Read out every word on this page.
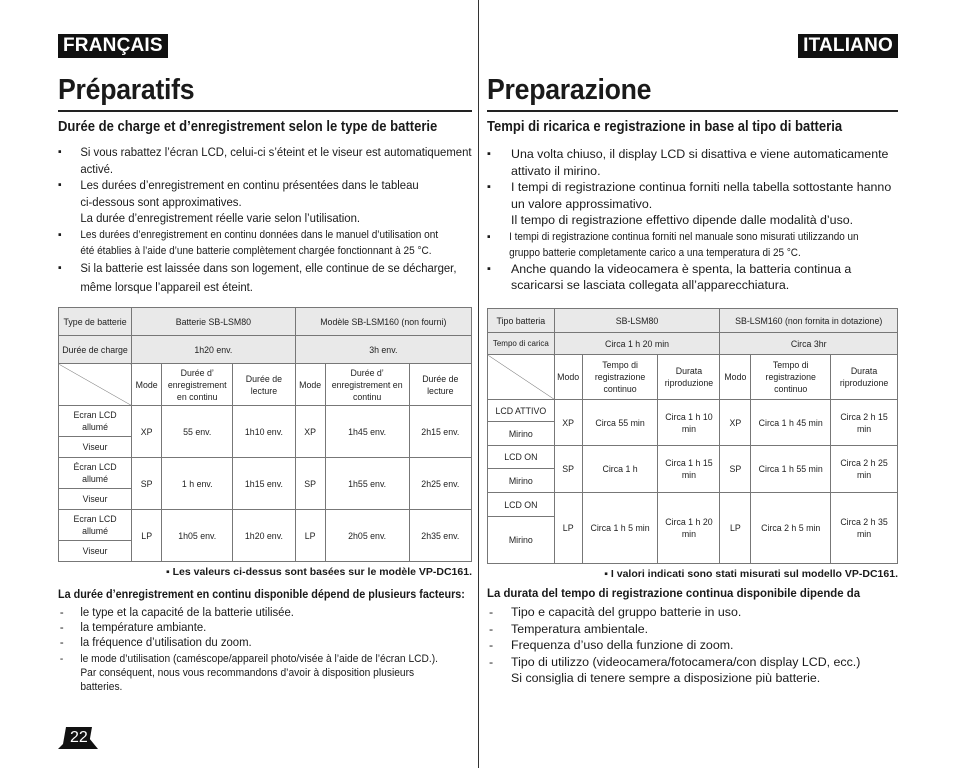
FRANÇAIS
Préparatifs
Durée de charge et d’enregistrement selon le type de batterie
▪ Si vous rabattez l’écran LCD, celui-ci s’éteint et le viseur est automatiquement
activé.
▪ Les durées d’enregistrement en continu présentées dans le tableau
ci-dessous sont approximatives.
La durée d’enregistrement réelle varie selon l’utilisation.
▪ Les durées d’enregistrement en continu données dans le manuel d’utilisation ont
été établies à l’aide d’une batterie complètement chargée fonctionnant à 25 °C.
▪ Si la batterie est laissée dans son logement, elle continue de se décharger,
même lorsque l’appareil est éteint.
Type de batterie	Batterie SB-LSM80			Modèle SB-LSM160 (non fourni)		
Durée de charge	1h20 env.			3h env.		
	Mode	Durée d’ enregistrement en continu	Durée de lecture	Mode	Durée d’ enregistrement en continu	Durée de lecture
Ecran LCD allumé	XP	55 env.	1h10 env.	XP	1h45 env.	2h15 env.
Viseur						
Écran LCD allumé	SP	1 h env.	1h15 env.	SP	1h55 env.	2h25 env.
Viseur						
Ecran LCD allumé	LP	1h05 env.	1h20 env.	LP	2h05 env.	2h35 env.
Viseur						
▪ Les valeurs ci-dessus sont basées sur le modèle VP-DC161.
La durée d’enregistrement en continu disponible dépend de plusieurs facteurs:
- le type et la capacité de la batterie utilisée.
- la température ambiante.
- la fréquence d’utilisation du zoom.
- le mode d’utilisation (caméscope/appareil photo/visée à l’aide de l’écran LCD.).
Par conséquent, nous vous recommandons d’avoir à disposition plusieurs
batteries.
ITALIANO
Preparazione
Tempi di ricarica e registrazione in base al tipo di batteria
▪ Una volta chiuso, il display LCD si disattiva e viene automaticamente
attivato il mirino.
▪ I tempi di registrazione continua forniti nella tabella sottostante hanno
un valore approssimativo.
Il tempo di registrazione effettivo dipende dalle modalità d’uso.
▪ I tempi di registrazione continua forniti nel manuale sono misurati utilizzando un
gruppo batterie completamente carico a una temperatura di 25 °C.
▪ Anche quando la videocamera è spenta, la batteria continua a
scaricarsi se lasciata collegata all’apparecchiatura.
Tipo batteria	SB-LSM80			SB-LSM160 (non fornita in dotazione)		
Tempo di carica	Circa 1 h 20 min			Circa 3hr		
	Modo	Tempo di registrazione continuo	Durata riproduzione	Modo	Tempo di registrazione continuo	Durata riproduzione
LCD ATTIVO	XP	Circa 55 min	Circa 1 h 10 min	XP	Circa 1 h 45 min	Circa 2 h 15 min
Mirino						
LCD ON	SP	Circa 1 h	Circa 1 h 15 min	SP	Circa 1 h 55 min	Circa 2 h 25 min
Mirino						
LCD ON	LP	Circa 1 h 5 min	Circa 1 h 20 min	LP	Circa 2 h 5 min	Circa 2 h 35 min
Mirino						
▪ I valori indicati sono stati misurati sul modello VP-DC161.
La durata del tempo di registrazione continua disponibile dipende da
- Tipo e capacità del gruppo batterie in uso.
- Temperatura ambientale.
- Frequenza d’uso della funzione di zoom.
- Tipo di utilizzo (videocamera/fotocamera/con display LCD, ecc.)
Si consiglia di tenere sempre a disposizione più batterie.
22
